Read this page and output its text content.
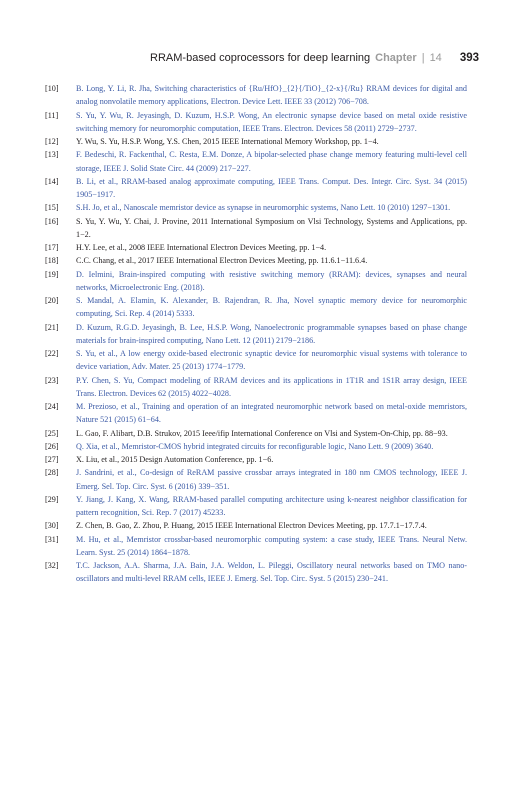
RRAM-based coprocessors for deep learning Chapter | 14 393
[10] B. Long, Y. Li, R. Jha, Switching characteristics of {Ru/HfO}_{2}{/TiO}_{2-x}{/Ru} RRAM devices for digital and analog nonvolatile memory applications, Electron. Device Lett. IEEE 33 (2012) 706−708.
[11] S. Yu, Y. Wu, R. Jeyasingh, D. Kuzum, H.S.P. Wong, An electronic synapse device based on metal oxide resistive switching memory for neuromorphic computation, IEEE Trans. Electron. Devices 58 (2011) 2729−2737.
[12] Y. Wu, S. Yu, H.S.P. Wong, Y.S. Chen, 2015 IEEE International Memory Workshop, pp. 1−4.
[13] F. Bedeschi, R. Fackenthal, C. Resta, E.M. Donze, A bipolar-selected phase change memory featuring multi-level cell storage, IEEE J. Solid State Circ. 44 (2009) 217−227.
[14] B. Li, et al., RRAM-based analog approximate computing, IEEE Trans. Comput. Des. Integr. Circ. Syst. 34 (2015) 1905−1917.
[15] S.H. Jo, et al., Nanoscale memristor device as synapse in neuromorphic systems, Nano Lett. 10 (2010) 1297−1301.
[16] S. Yu, Y. Wu, Y. Chai, J. Provine, 2011 International Symposium on Vlsi Technology, Systems and Applications, pp. 1−2.
[17] H.Y. Lee, et al., 2008 IEEE International Electron Devices Meeting, pp. 1−4.
[18] C.C. Chang, et al., 2017 IEEE International Electron Devices Meeting, pp. 11.6.1−11.6.4.
[19] D. Ielmini, Brain-inspired computing with resistive switching memory (RRAM): devices, synapses and neural networks, Microelectronic Eng. (2018).
[20] S. Mandal, A. Elamin, K. Alexander, B. Rajendran, R. Jha, Novel synaptic memory device for neuromorphic computing, Sci. Rep. 4 (2014) 5333.
[21] D. Kuzum, R.G.D. Jeyasingh, B. Lee, H.S.P. Wong, Nanoelectronic programmable synapses based on phase change materials for brain-inspired computing, Nano Lett. 12 (2011) 2179−2186.
[22] S. Yu, et al., A low energy oxide-based electronic synaptic device for neuromorphic visual systems with tolerance to device variation, Adv. Mater. 25 (2013) 1774−1779.
[23] P.Y. Chen, S. Yu, Compact modeling of RRAM devices and its applications in 1T1R and 1S1R array design, IEEE Trans. Electron. Devices 62 (2015) 4022−4028.
[24] M. Prezioso, et al., Training and operation of an integrated neuromorphic network based on metal-oxide memristors, Nature 521 (2015) 61−64.
[25] L. Gao, F. Alibart, D.B. Strukov, 2015 Ieee/ifip International Conference on Vlsi and System-On-Chip, pp. 88−93.
[26] Q. Xia, et al., Memristor-CMOS hybrid integrated circuits for reconfigurable logic, Nano Lett. 9 (2009) 3640.
[27] X. Liu, et al., 2015 Design Automation Conference, pp. 1−6.
[28] J. Sandrini, et al., Co-design of ReRAM passive crossbar arrays integrated in 180 nm CMOS technology, IEEE J. Emerg. Sel. Top. Circ. Syst. 6 (2016) 339−351.
[29] Y. Jiang, J. Kang, X. Wang, RRAM-based parallel computing architecture using k-nearest neighbor classification for pattern recognition, Sci. Rep. 7 (2017) 45233.
[30] Z. Chen, B. Gao, Z. Zhou, P. Huang, 2015 IEEE International Electron Devices Meeting, pp. 17.7.1−17.7.4.
[31] M. Hu, et al., Memristor crossbar-based neuromorphic computing system: a case study, IEEE Trans. Neural Netw. Learn. Syst. 25 (2014) 1864−1878.
[32] T.C. Jackson, A.A. Sharma, J.A. Bain, J.A. Weldon, L. Pileggi, Oscillatory neural networks based on TMO nano-oscillators and multi-level RRAM cells, IEEE J. Emerg. Sel. Top. Circ. Syst. 5 (2015) 230−241.
